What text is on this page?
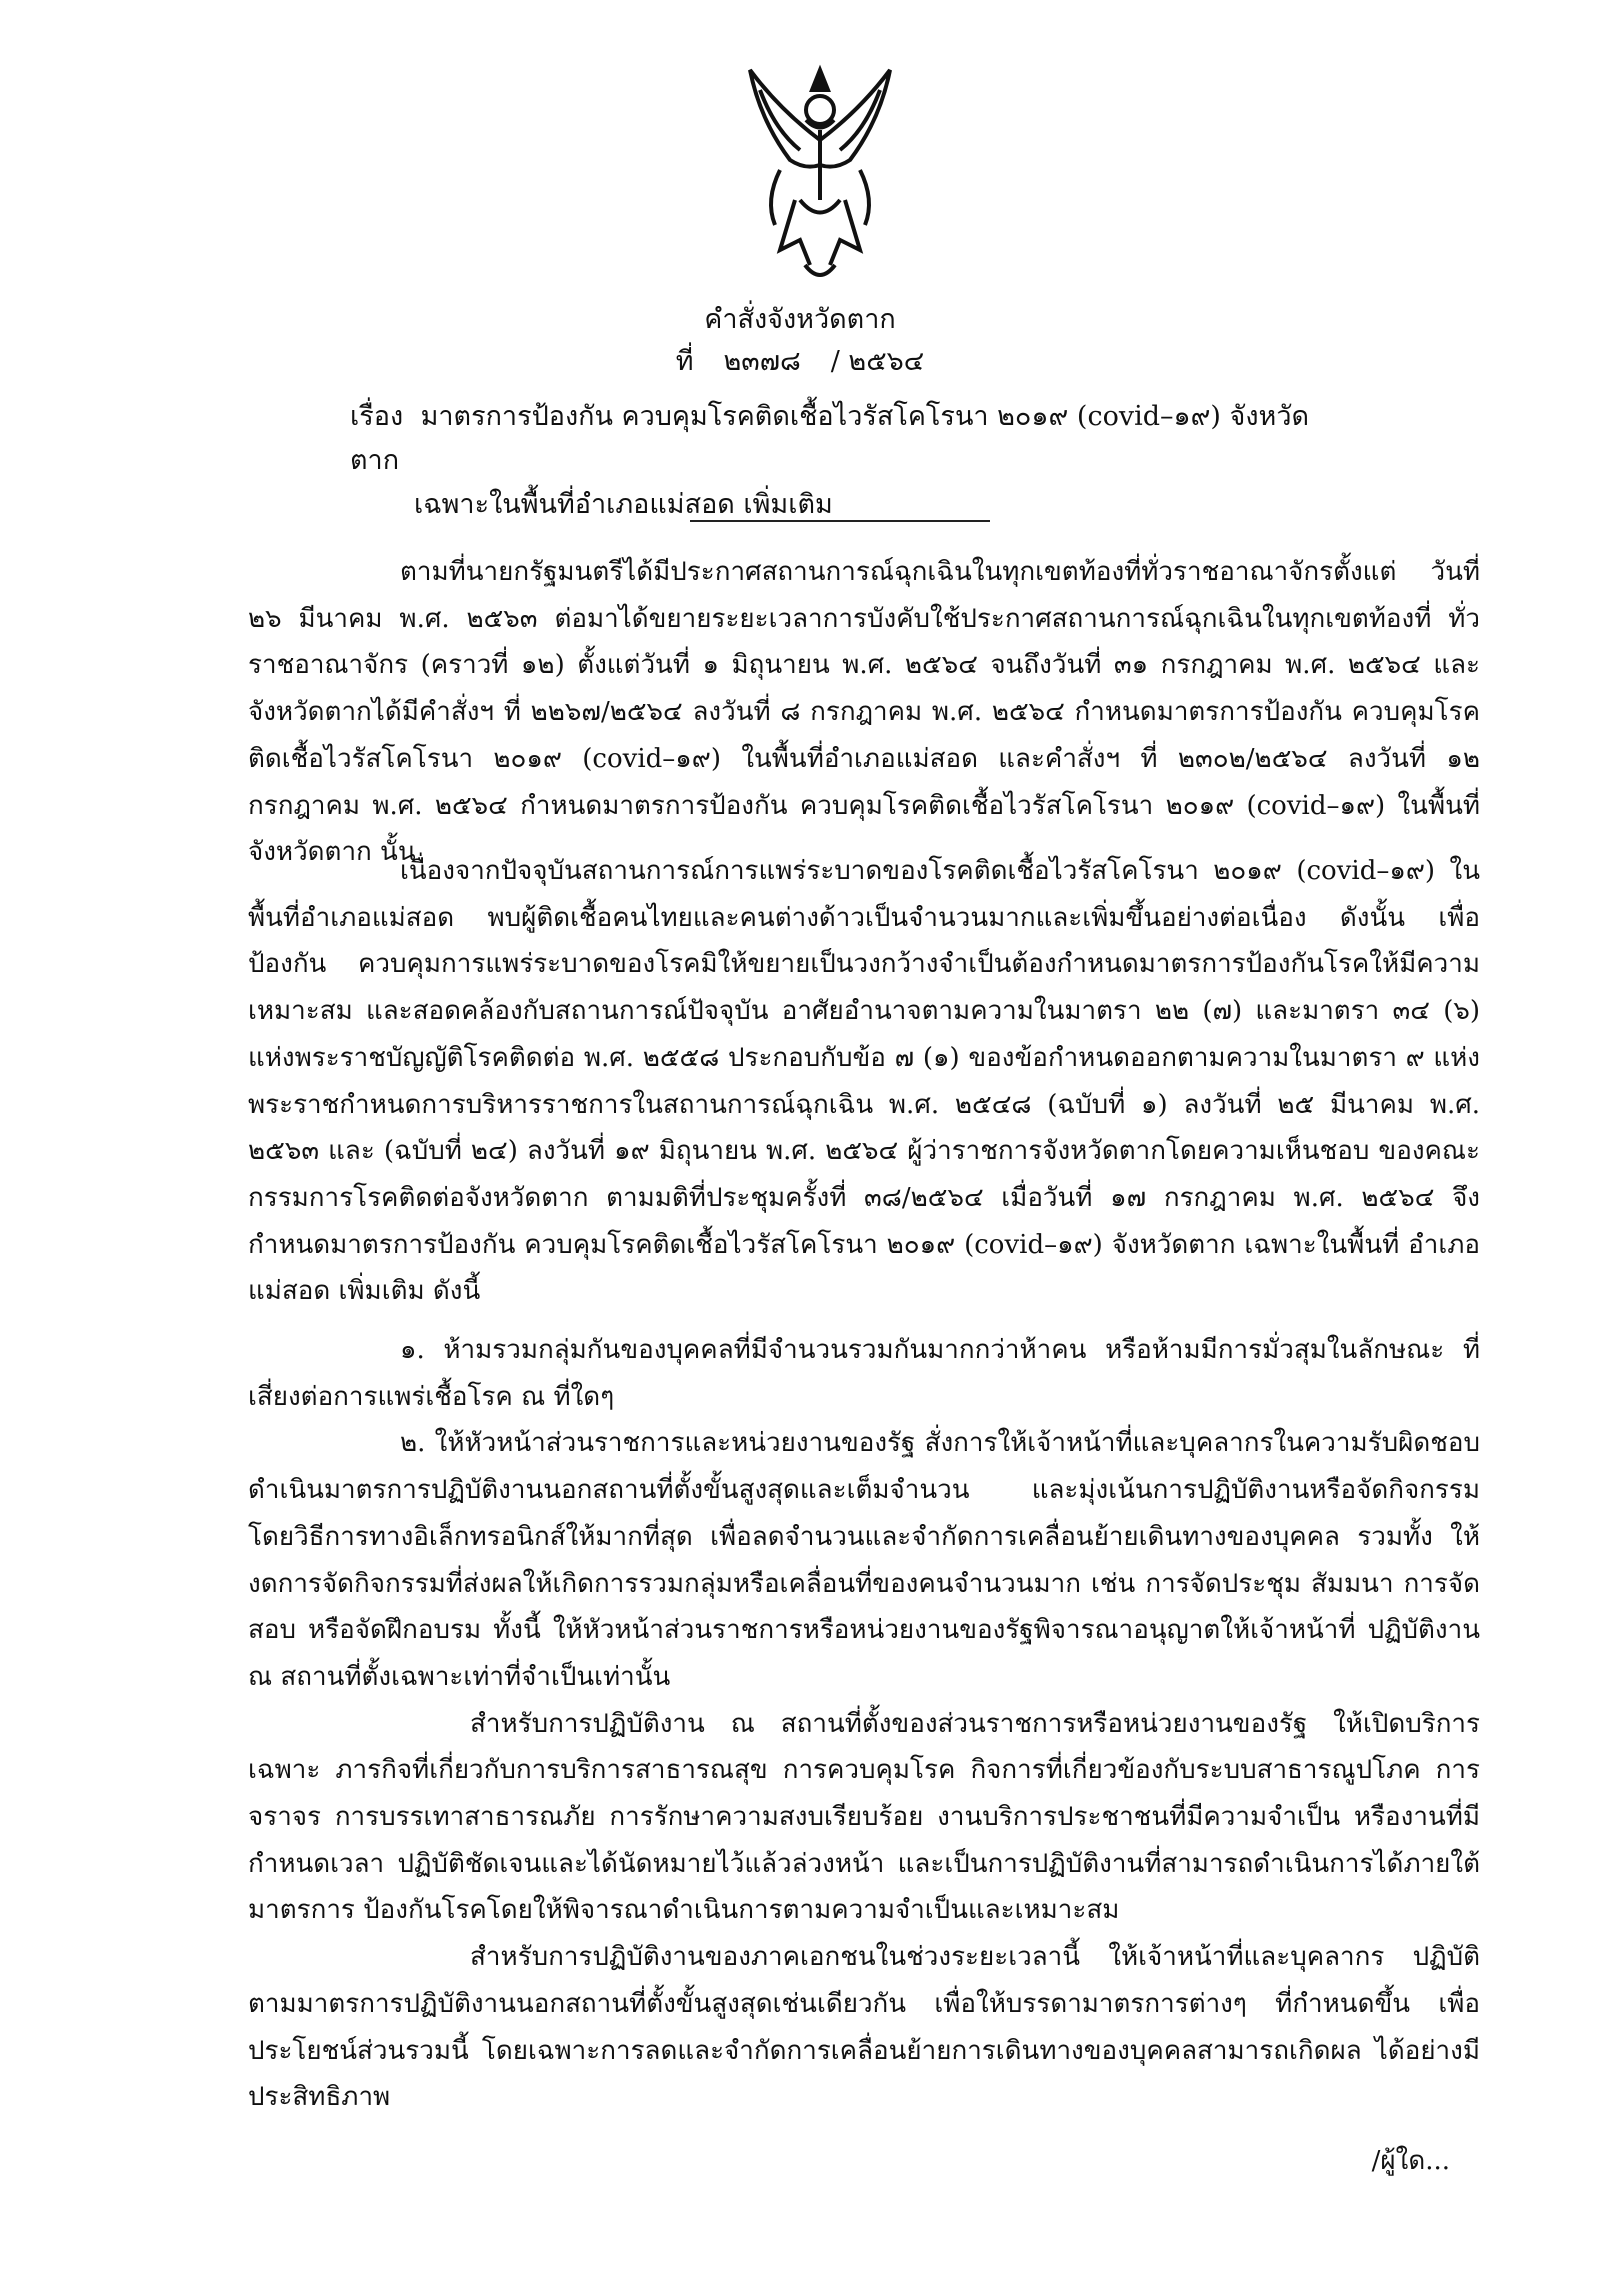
คำสั่งจังหวัดตาก
ที่ ๒๓๗๘ / ๒๕๖๔
เรื่อง มาตรการป้องกัน ควบคุมโรคติดเชื้อไวรัสโคโรนา ๒๐๑๙ (covid–๑๙) จังหวัดตาก
เฉพาะในพื้นที่อำเภอแม่สอด เพิ่มเติม

ตามที่นายกรัฐมนตรีได้มีประกาศสถานการณ์ฉุกเฉินในทุกเขตท้องที่ทั่วราชอาณาจักรตั้งแต่ วันที่ ๒๖ มีนาคม พ.ศ. ๒๕๖๓ ต่อมาได้ขยายระยะเวลาการบังคับใช้ประกาศสถานการณ์ฉุกเฉินในทุกเขตท้องที่ ทั่วราชอาณาจักร (คราวที่ ๑๒) ตั้งแต่วันที่ ๑ มิถุนายน พ.ศ. ๒๕๖๔ จนถึงวันที่ ๓๑ กรกฎาคม พ.ศ. ๒๕๖๔ และจังหวัดตากได้มีคำสั่งฯ ที่ ๒๒๖๗/๒๕๖๔ ลงวันที่ ๘ กรกฎาคม พ.ศ. ๒๕๖๔ กำหนดมาตรการป้องกัน ควบคุมโรค ติดเชื้อไวรัสโคโรนา ๒๐๑๙ (covid–๑๙) ในพื้นที่อำเภอแม่สอด และคำสั่งฯ ที่ ๒๓๐๒/๒๕๖๔ ลงวันที่ ๑๒ กรกฎาคม พ.ศ. ๒๕๖๔ กำหนดมาตรการป้องกัน ควบคุมโรคติดเชื้อไวรัสโคโรนา ๒๐๑๙ (covid–๑๙) ในพื้นที่จังหวัดตาก นั้น

เนื่องจากปัจจุบันสถานการณ์การแพร่ระบาดของโรคติดเชื้อไวรัสโคโรนา ๒๐๑๙ (covid–๑๙) ในพื้นที่อำเภอแม่สอด พบผู้ติดเชื้อคนไทยและคนต่างด้าวเป็นจำนวนมากและเพิ่มขึ้นอย่างต่อเนื่อง ดังนั้น เพื่อป้องกัน ควบคุมการแพร่ระบาดของโรคมิให้ขยายเป็นวงกว้างจำเป็นต้องกำหนดมาตรการป้องกันโรคให้มีความเหมาะสม และสอดคล้องกับสถานการณ์ปัจจุบัน อาศัยอำนาจตามความในมาตรา ๒๒ (๗) และมาตรา ๓๔ (๖) แห่งพระราชบัญญัติโรคติดต่อ พ.ศ. ๒๕๕๘ ประกอบกับข้อ ๗ (๑) ของข้อกำหนดออกตามความในมาตรา ๙ แห่งพระราชกำหนดการบริหารราชการในสถานการณ์ฉุกเฉิน พ.ศ. ๒๕๔๘ (ฉบับที่ ๑) ลงวันที่ ๒๕ มีนาคม พ.ศ. ๒๕๖๓ และ (ฉบับที่ ๒๔) ลงวันที่ ๑๙ มิถุนายน พ.ศ. ๒๕๖๔ ผู้ว่าราชการจังหวัดตากโดยความเห็นชอบ ของคณะกรรมการโรคติดต่อจังหวัดตาก ตามมติที่ประชุมครั้งที่ ๓๘/๒๕๖๔ เมื่อวันที่ ๑๗ กรกฎาคม พ.ศ. ๒๕๖๔ จึงกำหนดมาตรการป้องกัน ควบคุมโรคติดเชื้อไวรัสโคโรนา ๒๐๑๙ (covid–๑๙) จังหวัดตาก เฉพาะในพื้นที่ อำเภอแม่สอด เพิ่มเติม ดังนี้

๑. ห้ามรวมกลุ่มกันของบุคคลที่มีจำนวนรวมกันมากกว่าห้าคน หรือห้ามมีการมั่วสุมในลักษณะ ที่เสี่ยงต่อการแพร่เชื้อโรค ณ ที่ใดๆ

๒. ให้หัวหน้าส่วนราชการและหน่วยงานของรัฐ สั่งการให้เจ้าหน้าที่และบุคลากรในความรับผิดชอบ ดำเนินมาตรการปฏิบัติงานนอกสถานที่ตั้งขั้นสูงสุดและเต็มจำนวน และมุ่งเน้นการปฏิบัติงานหรือจัดกิจกรรม โดยวิธีการทางอิเล็กทรอนิกส์ให้มากที่สุด เพื่อลดจำนวนและจำกัดการเคลื่อนย้ายเดินทางของบุคคล รวมทั้ง ให้งดการจัดกิจกรรมที่ส่งผลให้เกิดการรวมกลุ่มหรือเคลื่อนที่ของคนจำนวนมาก เช่น การจัดประชุม สัมมนา การจัดสอบ หรือจัดฝึกอบรม ทั้งนี้ ให้หัวหน้าส่วนราชการหรือหน่วยงานของรัฐพิจารณาอนุญาตให้เจ้าหน้าที่ ปฏิบัติงาน ณ สถานที่ตั้งเฉพาะเท่าที่จำเป็นเท่านั้น

สำหรับการปฏิบัติงาน ณ สถานที่ตั้งของส่วนราชการหรือหน่วยงานของรัฐ ให้เปิดบริการเฉพาะ ภารกิจที่เกี่ยวกับการบริการสาธารณสุข การควบคุมโรค กิจการที่เกี่ยวข้องกับระบบสาธารณูปโภค การจราจร การบรรเทาสาธารณภัย การรักษาความสงบเรียบร้อย งานบริการประชาชนที่มีความจำเป็น หรืองานที่มีกำหนดเวลา ปฏิบัติชัดเจนและได้นัดหมายไว้แล้วล่วงหน้า และเป็นการปฏิบัติงานที่สามารถดำเนินการได้ภายใต้มาตรการ ป้องกันโรคโดยให้พิจารณาดำเนินการตามความจำเป็นและเหมาะสม

สำหรับการปฏิบัติงานของภาคเอกชนในช่วงระยะเวลานี้ ให้เจ้าหน้าที่และบุคลากร ปฏิบัติตามมาตรการปฏิบัติงานนอกสถานที่ตั้งขั้นสูงสุดเช่นเดียวกัน เพื่อให้บรรดามาตรการต่างๆ ที่กำหนดขึ้น เพื่อประโยชน์ส่วนรวมนี้ โดยเฉพาะการลดและจำกัดการเคลื่อนย้ายการเดินทางของบุคคลสามารถเกิดผล ได้อย่างมีประสิทธิภาพ

/ผู้ใด...
